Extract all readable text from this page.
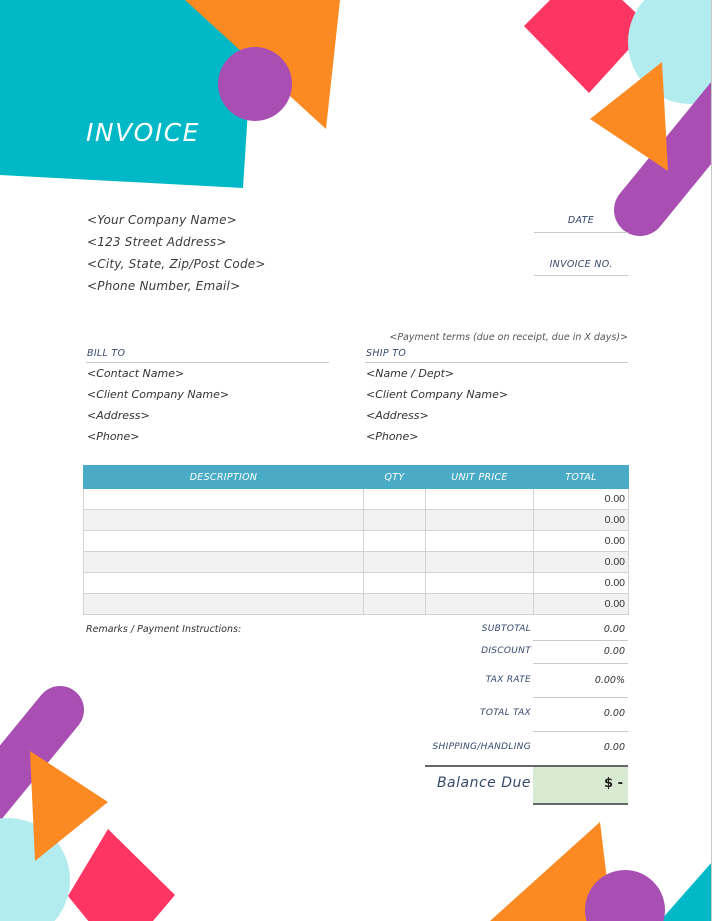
INVOICE
<Your Company Name>
<123 Street Address>
<City, State, Zip/Post Code>
<Phone Number, Email>
DATE
INVOICE NO.
<Payment terms (due on receipt, due in X days)>
BILL TO
<Contact Name>
<Client Company Name>
<Address>
<Phone>
SHIP TO
<Name / Dept>
<Client Company Name>
<Address>
<Phone>
DESCRIPTION	QTY	UNIT PRICE	TOTAL
			0.00
			0.00
			0.00
			0.00
			0.00
			0.00
Remarks / Payment Instructions:	SUBTOTAL	0.00
DISCOUNT	0.00
TAX RATE	0.00%
TOTAL TAX	0.00
SHIPPING/HANDLING	0.00
Balance Due	$ -
